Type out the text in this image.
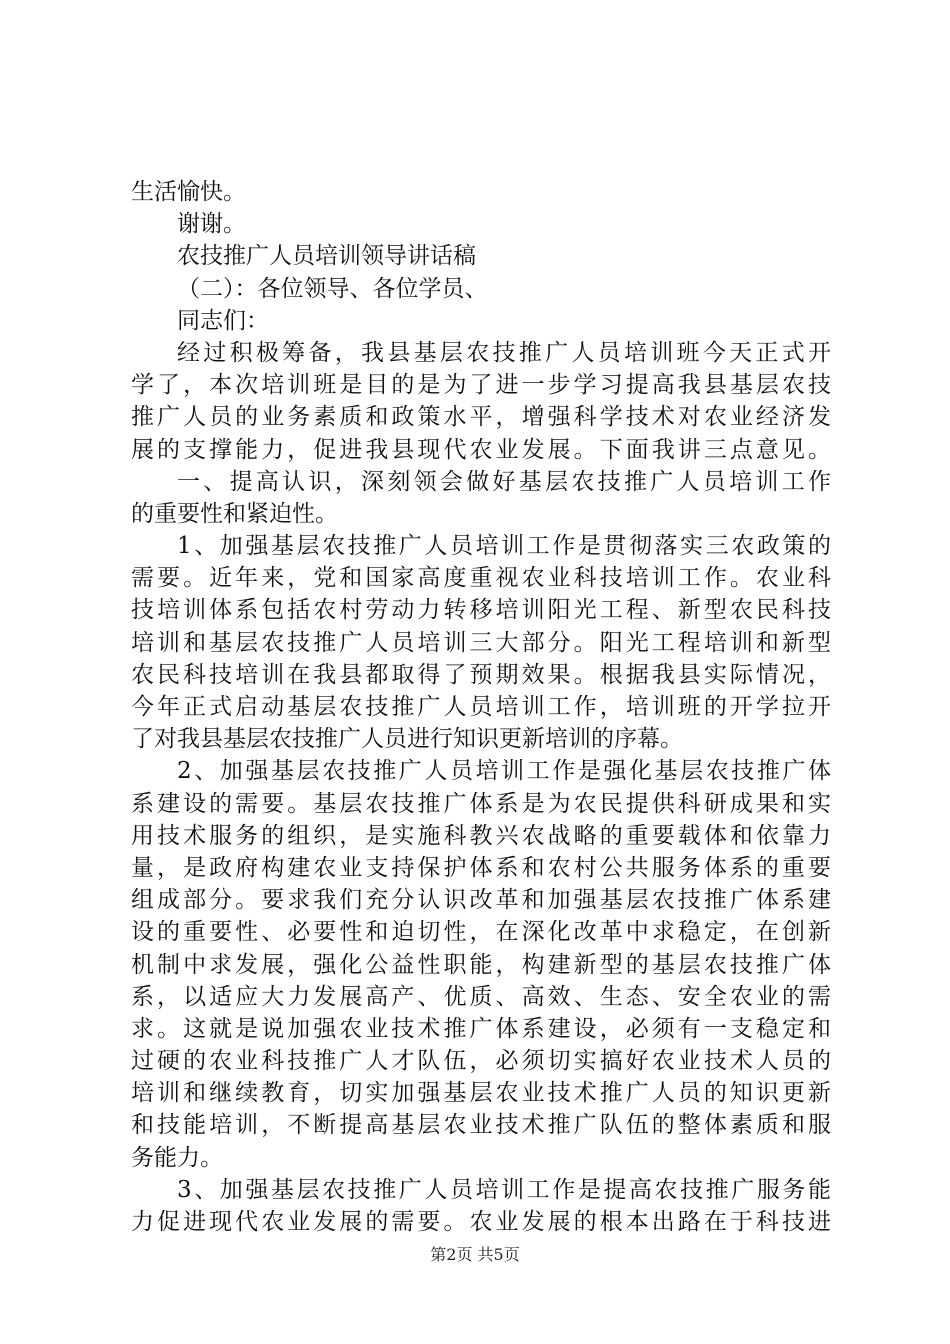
生活愉快。
谢谢。
农技推广人员培训领导讲话稿
（二）：各位领导、各位学员、
同志们：
经过积极筹备，我县基层农技推广人员培训班今天正式开
学了，本次培训班是目的是为了进一步学习提高我县基层农技
推广人员的业务素质和政策水平，增强科学技术对农业经济发
展的支撑能力，促进我县现代农业发展。下面我讲三点意见。
一、提高认识，深刻领会做好基层农技推广人员培训工作
的重要性和紧迫性。
1、加强基层农技推广人员培训工作是贯彻落实三农政策的
需要。近年来，党和国家高度重视农业科技培训工作。农业科
技培训体系包括农村劳动力转移培训阳光工程、新型农民科技
培训和基层农技推广人员培训三大部分。阳光工程培训和新型
农民科技培训在我县都取得了预期效果。根据我县实际情况，
今年正式启动基层农技推广人员培训工作，培训班的开学拉开
了对我县基层农技推广人员进行知识更新培训的序幕。
2、加强基层农技推广人员培训工作是强化基层农技推广体
系建设的需要。基层农技推广体系是为农民提供科研成果和实
用技术服务的组织，是实施科教兴农战略的重要载体和依靠力
量，是政府构建农业支持保护体系和农村公共服务体系的重要
组成部分。要求我们充分认识改革和加强基层农技推广体系建
设的重要性、必要性和迫切性，在深化改革中求稳定，在创新
机制中求发展，强化公益性职能，构建新型的基层农技推广体
系，以适应大力发展高产、优质、高效、生态、安全农业的需
求。这就是说加强农业技术推广体系建设，必须有一支稳定和
过硬的农业科技推广人才队伍，必须切实搞好农业技术人员的
培训和继续教育，切实加强基层农业技术推广人员的知识更新
和技能培训，不断提高基层农业技术推广队伍的整体素质和服
务能力。
3、加强基层农技推广人员培训工作是提高农技推广服务能
力促进现代农业发展的需要。农业发展的根本出路在于科技进
第2页 共5页
